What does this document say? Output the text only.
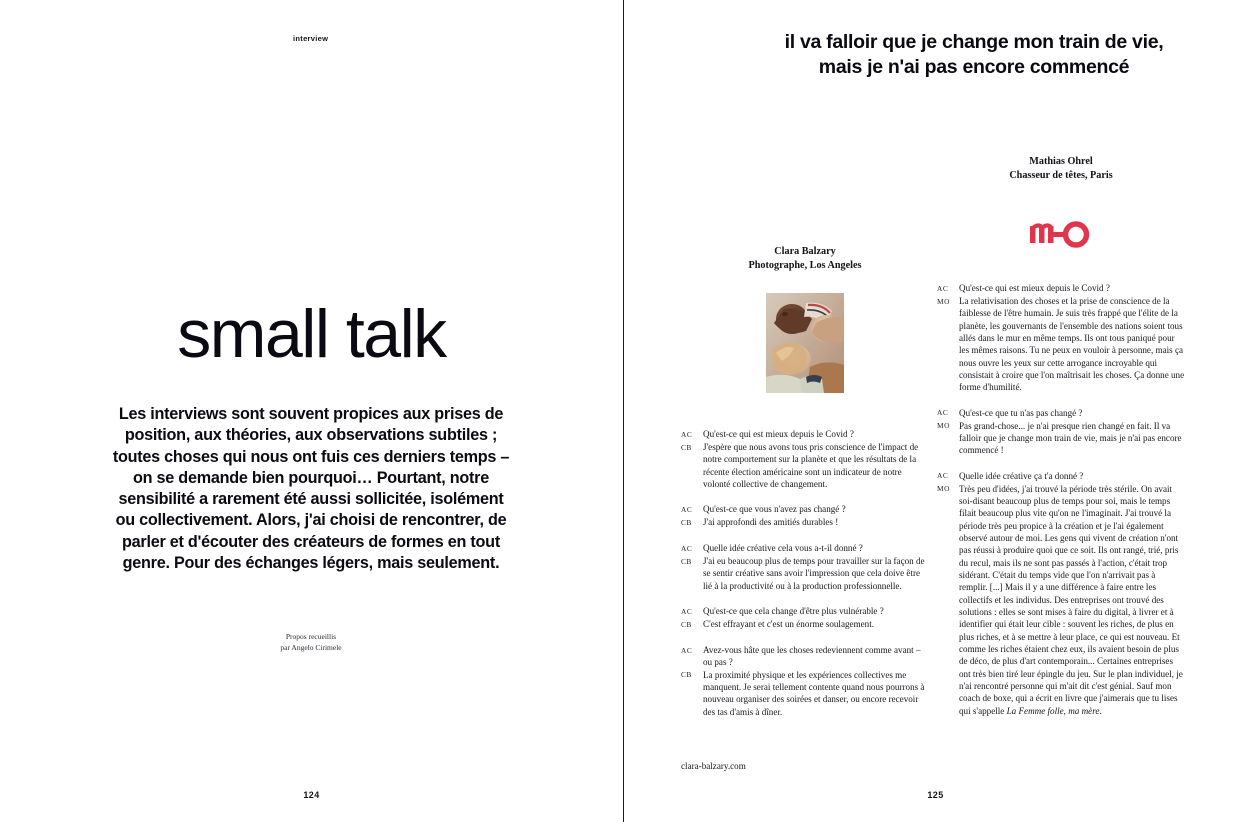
interview
small talk
Les interviews sont souvent propices aux prises de position, aux théories, aux observations subtiles ; toutes choses qui nous ont fuis ces derniers temps – on se demande bien pourquoi… Pourtant, notre sensibilité a rarement été aussi sollicitée, isolément ou collectivement. Alors, j'ai choisi de rencontrer, de parler et d'écouter des créateurs de formes en tout genre. Pour des échanges légers, mais seulement.
Propos recueillis
par Angelo Cirimele
124	125
il va falloir que je change mon train de vie, mais je n'ai pas encore commencé
Mathias Ohrel
Chasseur de têtes, Paris
Clara Balzary
Photographe, Los Angeles
AC	Qu'est-ce qui est mieux depuis le Covid ?
CB	J'espère que nous avons tous pris conscience de l'impact de notre comportement sur la planète et que les résultats de la récente élection américaine sont un indicateur de notre volonté collective de changement.
AC	Qu'est-ce que vous n'avez pas changé ?
CB	J'ai approfondi des amitiés durables !
AC	Quelle idée créative cela vous a-t-il donné ?
CB	J'ai eu beaucoup plus de temps pour travailler sur la façon de se sentir créative sans avoir l'impression que cela doive être lié à la productivité ou à la production professionnelle.
AC	Qu'est-ce que cela change d'être plus vulnérable ?
CB	C'est effrayant et c'est un énorme soulagement.
AC	Avez-vous hâte que les choses redeviennent comme avant – ou pas ?
CB	La proximité physique et les expériences collectives me manquent. Je serai tellement contente quand nous pourrons à nouveau organiser des soirées et danser, ou encore recevoir des tas d'amis à dîner.
clara-balzary.com
AC	Qu'est-ce qui est mieux depuis le Covid ?
MO La relativisation des choses et la prise de conscience de la faiblesse de l'être humain. Je suis très frappé que l'élite de la planète, les gouvernants de l'ensemble des nations soient tous allés dans le mur en même temps. Ils ont tous paniqué pour les mêmes raisons. Tu ne peux en vouloir à personne, mais ça nous ouvre les yeux sur cette arrogance incroyable qui consistait à croire que l'on maîtrisait les choses. Ça donne une forme d'humilité.
AC	Qu'est-ce que tu n'as pas changé ?
MO Pas grand-chose... je n'ai presque rien changé en fait. Il va falloir que je change mon train de vie, mais je n'ai pas encore commencé !
AC	Quelle idée créative ça t'a donné ?
MO Très peu d'idées, j'ai trouvé la période très stérile. On avait soi-disant beaucoup plus de temps pour soi, mais le temps filait beaucoup plus vite qu'on ne l'imaginait. J'ai trouvé la période très peu propice à la création et je l'ai également observé autour de moi. Les gens qui vivent de création n'ont pas réussi à produire quoi que ce soit. Ils ont rangé, trié, pris du recul, mais ils ne sont pas passés à l'action, c'était trop sidérant. C'était du temps vide que l'on n'arrivait pas à remplir. [...] Mais il y a une différence à faire entre les collectifs et les individus. Des entreprises ont trouvé des solutions : elles se sont mises à faire du digital, à livrer et à identifier qui était leur cible : souvent les riches, de plus en plus riches, et à se mettre à leur place, ce qui est nouveau. Et comme les riches étaient chez eux, ils avaient besoin de plus de déco, de plus d'art contemporain... Certaines entreprises ont très bien tiré leur épingle du jeu. Sur le plan individuel, je n'ai rencontré personne qui m'ait dit c'est génial. Sauf mon coach de boxe, qui a écrit en livre que j'aimerais que tu lises qui s'appelle La Femme folle, ma mère.
